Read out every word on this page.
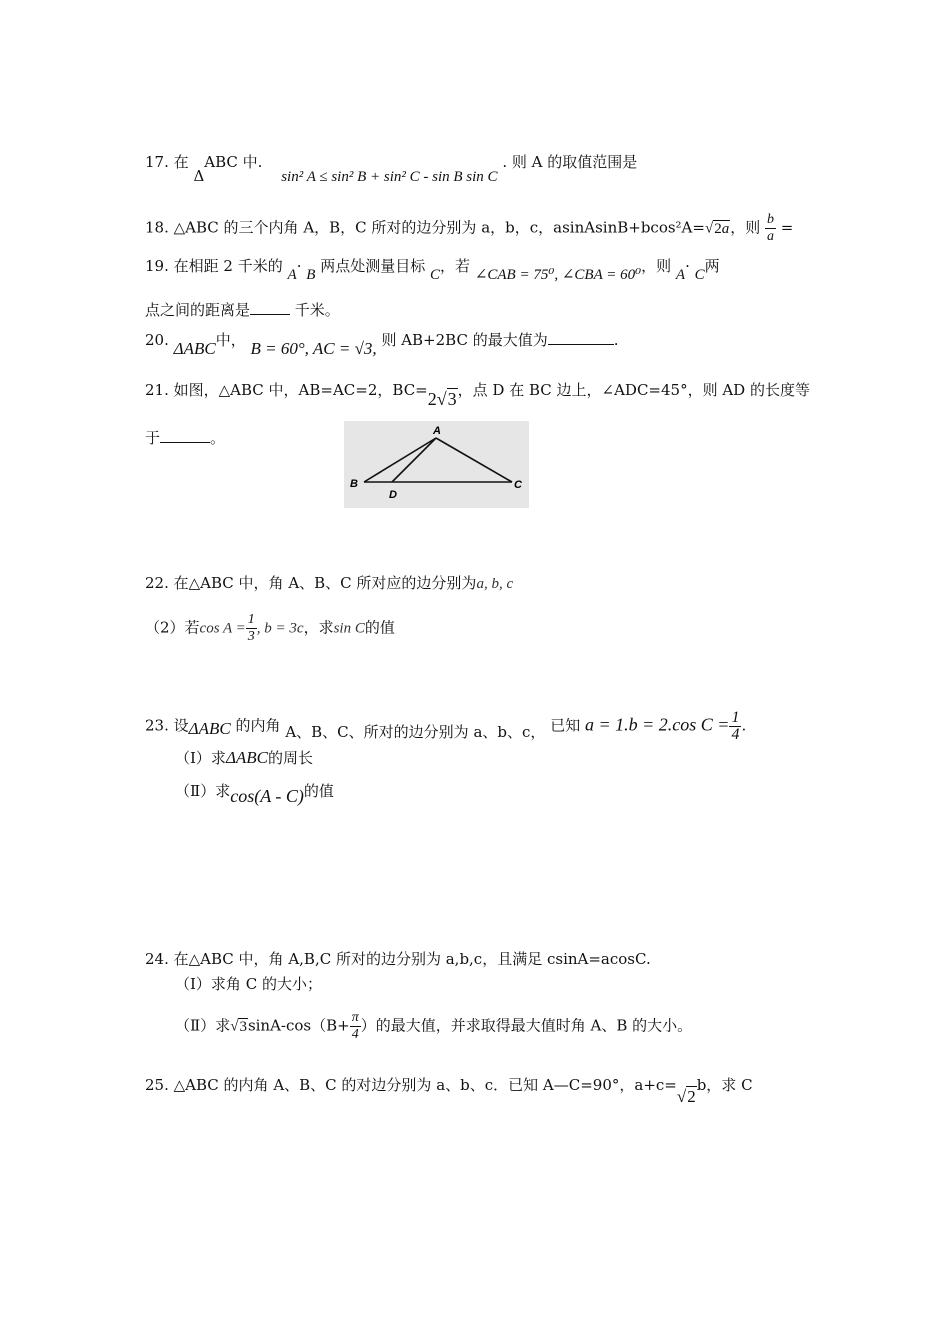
17. 在 ΔABC 中. sin² A ≤ sin² B + sin² C - sin B sin C . 则 A 的取值范围是
18. △ABC 的三个内角 A，B，C 所对的边分别为 a，b，c，asinAsinB+bcos²A=√2a，则 $\frac{b}{a}$ =
19. 在相距 2 千米的 A· B 两点处测量目标 C，若 ∠CAB = 75⁰, ∠CBA = 60⁰，则 A· C两
点之间的距离是	千米。
20. ΔABC中， B = 60°, AC = √3, 则 AB+2BC 的最大值为	.
21. 如图，△ABC 中，AB=AC=2，BC=2√3，点 D 在 BC 边上，∠ADC=45°，则 AD 的长度等
于	。	A
B	C
D
22. 在△ABC 中，角 A、B、C 所对应的边分别为a, b, c
（2）若$\cos A = \frac{1}{3}$ , b = 3c，求sin C的值
23. 设ΔABC 的内角 A、B、C、所对的边分别为 a、b、c， 已知 a = 1.b = 2.cos $C = \frac{1}{4}$ .
（Ⅰ）求ΔABC的周长
（Ⅱ）求cos(A - C)的值
24. 在△ABC 中，角 A,B,C 所对的边分别为 a,b,c，且满足 csinA=acosC.
（Ⅰ）求角 C 的大小；
（Ⅱ）求$√3\sin A-\cos(B+ \frac{\pi}{4}$ ）的最大值，并求取得最大值时角 A、B 的大小。
25. △ABC 的内角 A、B、C 的对边分别为 a、b、c．已知 A—C=90°，a+c=√2b，求 C
